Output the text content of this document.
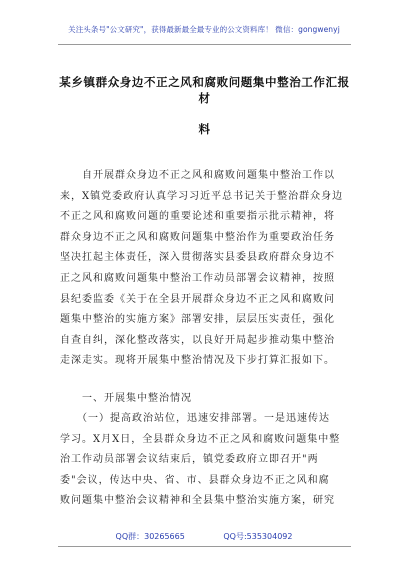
关注头条号"公文研究"，获得最新最全最专业的公文资料库！ 微信：gongwenyj
某乡镇群众身边不正之风和腐败问题集中整治工作汇报材
料
　　自开展群众身边不正之风和腐败问题集中整治工作以
来，X镇党委政府认真学习习近平总书记关于整治群众身边
不正之风和腐败问题的重要论述和重要指示批示精神，将
群众身边不正之风和腐败问题集中整治作为重要政治任务
坚决扛起主体责任，深入贯彻落实县委县政府群众身边不
正之风和腐败问题集中整治工作动员部署会议精神，按照
县纪委监委《关于在全县开展群众身边不正之风和腐败问
题集中整治的实施方案》部署安排，层层压实责任，强化
自查自纠，深化整改落实，以良好开局起步推动集中整治
走深走实。现将开展集中整治情况及下步打算汇报如下。
　　一、开展集中整治情况
　　（一）提高政治站位，迅速安排部署。一是迅速传达
学习。X月X日，全县群众身边不正之风和腐败问题集中整
治工作动员部署会议结束后，镇党委政府立即召开"两
委"会议，传达中央、省、市、县群众身边不正之风和腐
败问题集中整治会议精神和全县集中整治实施方案，研究
QQ群：30265665	QQ号:535304092
